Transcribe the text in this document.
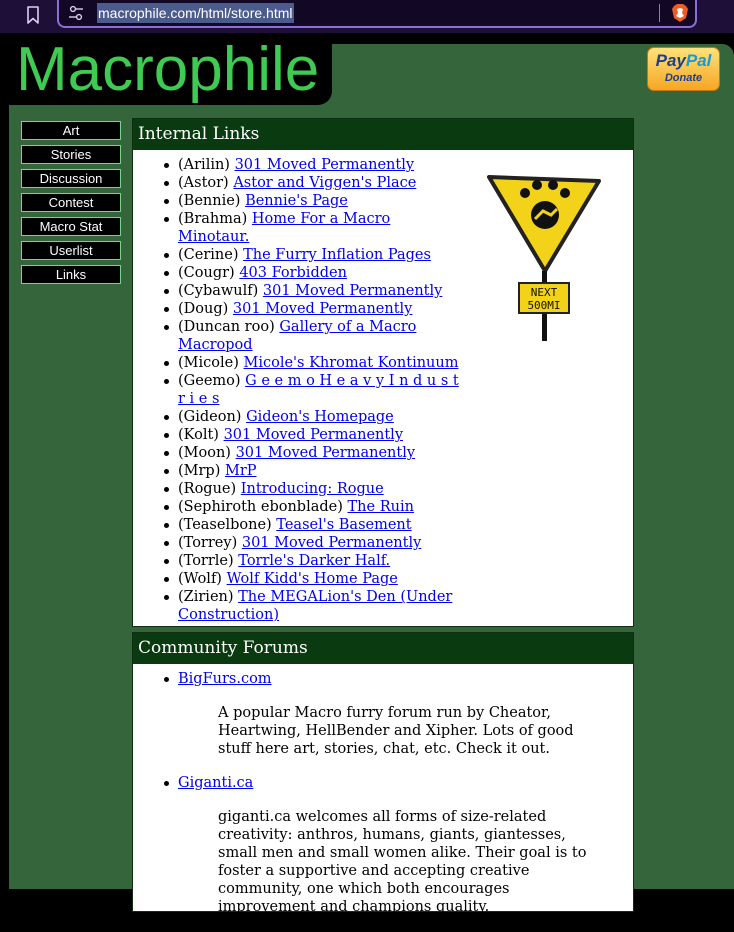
macrophile.com/html/store.html
Macrophile	PayPal
Donate
Art
Stories
Discussion
Contest
Macro Stat
Userlist
Links
Internal Links
(Arilin) 301 Moved Permanently
(Astor) Astor and Viggen's Place
(Bennie) Bennie's Page
(Brahma) Home For a Macro Minotaur.
(Cerine) The Furry Inflation Pages
(Cougr) 403 Forbidden
(Cybawulf) 301 Moved Permanently
(Doug) 301 Moved Permanently
(Duncan roo) Gallery of a Macro Macropod
(Micole) Micole's Khromat Kontinuum
(Geemo) G e e m o H e a v y I n d u s t r i e s
(Gideon) Gideon's Homepage
(Kolt) 301 Moved Permanently
(Moon) 301 Moved Permanently
(Mrp) MrP
(Rogue) Introducing: Rogue
(Sephiroth ebonblade) The Ruin
(Teaselbone) Teasel's Basement
(Torrey) 301 Moved Permanently
(Torrle) Torrle's Darker Half.
(Wolf) Wolf Kidd's Home Page
(Zirien) The MEGALion's Den (Under Construction)
NEXT 500MI
Community Forums
BigFurs.com
A popular Macro furry forum run by Cheator, Heartwing, HellBender and Xipher. Lots of good stuff here art, stories, chat, etc. Check it out.
Giganti.ca
giganti.ca welcomes all forms of size-related creativity: anthros, humans, giants, giantesses, small men and small women alike. Their goal is to foster a supportive and accepting creative community, one which both encourages improvement and champions quality.
